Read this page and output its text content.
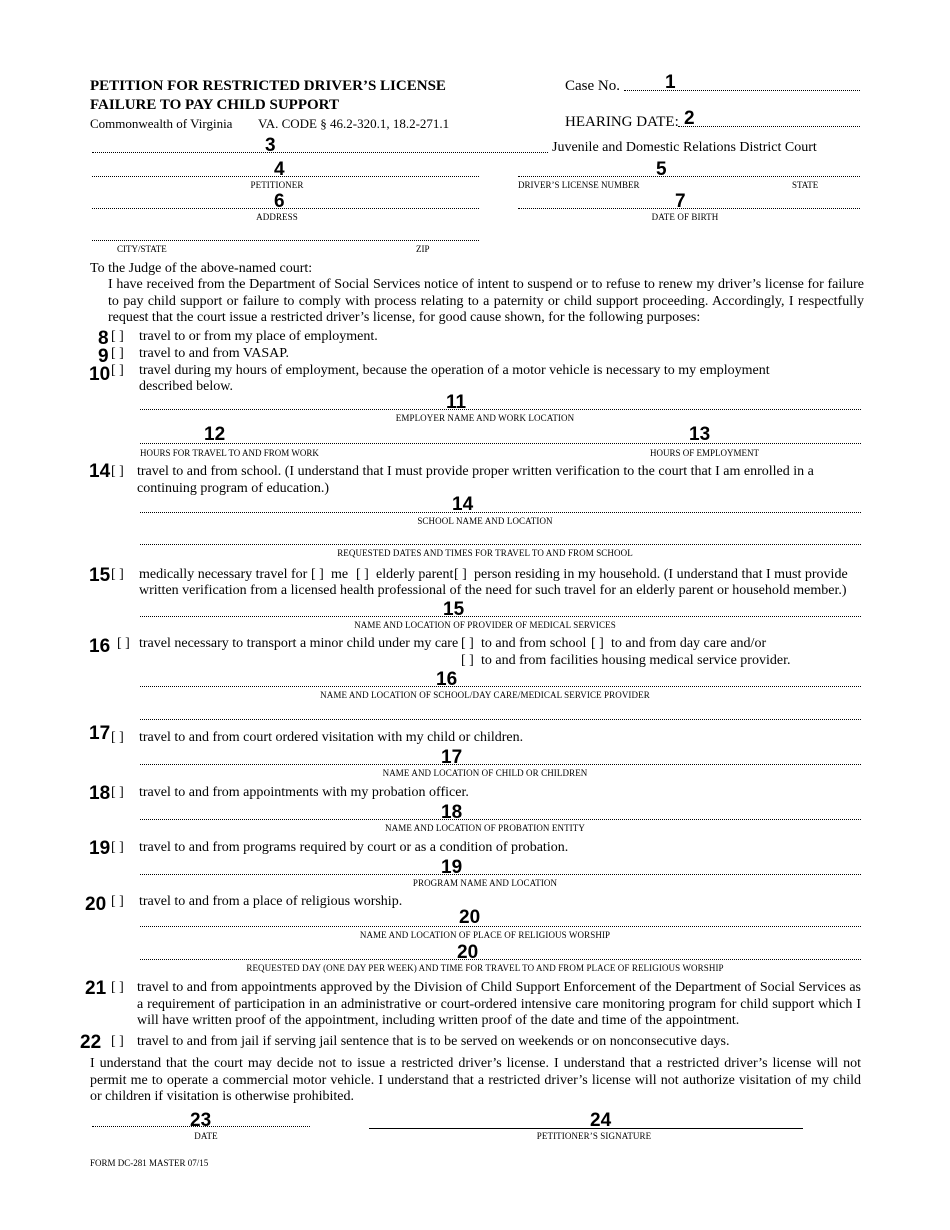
PETITION FOR RESTRICTED DRIVER’S LICENSE
FAILURE TO PAY CHILD SUPPORT
Commonwealth of Virginia VA. CODE § 46.2-320.1, 18.2-271.1
Case No. 1
HEARING DATE: 2
3	Juvenile and Domestic Relations District Court
4
PETITIONER
5
DRIVER’S LICENSE NUMBER	STATE
6
ADDRESS
7
DATE OF BIRTH
CITY/STATE	ZIP
To the Judge of the above-named court:
I have received from the Department of Social Services notice of intent to suspend or to refuse to renew my driver’s license for failure to pay child support or failure to comply with process relating to a paternity or child support proceeding. Accordingly, I respectfully request that the court issue a restricted driver’s license, for good cause shown, for the following purposes:
8 [ ] travel to or from my place of employment.
9 [ ] travel to and from VASAP.
10 [ ] travel during my hours of employment, because the operation of a motor vehicle is necessary to my employment
described below.
11
EMPLOYER NAME AND WORK LOCATION
12	13
HOURS FOR TRAVEL TO AND FROM WORK	HOURS OF EMPLOYMENT
14 [ ] travel to and from school. (I understand that I must provide proper written verification to the court that I am enrolled in a
continuing program of education.)
14
SCHOOL NAME AND LOCATION
REQUESTED DATES AND TIMES FOR TRAVEL TO AND FROM SCHOOL
15 [ ] medically necessary travel for [ ] me [ ] elderly parent [ ] person residing in my household. (I understand that I must provide
written verification from a licensed health professional of the need for such travel for an elderly parent or household member.)
15
NAME AND LOCATION OF PROVIDER OF MEDICAL SERVICES
16 [ ] travel necessary to transport a minor child under my care [ ] to and from school [ ] to and from day care and/or
[ ] to and from facilities housing medical service provider.
16
NAME AND LOCATION OF SCHOOL/DAY CARE/MEDICAL SERVICE PROVIDER
17 [ ] travel to and from court ordered visitation with my child or children.
17
NAME AND LOCATION OF CHILD OR CHILDREN
18 [ ] travel to and from appointments with my probation officer.
18
NAME AND LOCATION OF PROBATION ENTITY
19 [ ] travel to and from programs required by court or as a condition of probation.
19
PROGRAM NAME AND LOCATION
20 [ ] travel to and from a place of religious worship.
20
NAME AND LOCATION OF PLACE OF RELIGIOUS WORSHIP
20
REQUESTED DAY (ONE DAY PER WEEK) AND TIME FOR TRAVEL TO AND FROM PLACE OF RELIGIOUS WORSHIP
21 [ ] travel to and from appointments approved by the Division of Child Support Enforcement of the Department of Social Services as a requirement of participation in an administrative or court-ordered intensive care monitoring program for child support which I will have written proof of the appointment, including written proof of the date and time of the appointment.
22 [ ] travel to and from jail if serving jail sentence that is to be served on weekends or on nonconsecutive days.
I understand that the court may decide not to issue a restricted driver’s license. I understand that a restricted driver’s license will not permit me to operate a commercial motor vehicle. I understand that a restricted driver’s license will not authorize visitation of my child or children if visitation is otherwise prohibited.
23
DATE
24
PETITIONER’S SIGNATURE
FORM DC-281 MASTER 07/15
